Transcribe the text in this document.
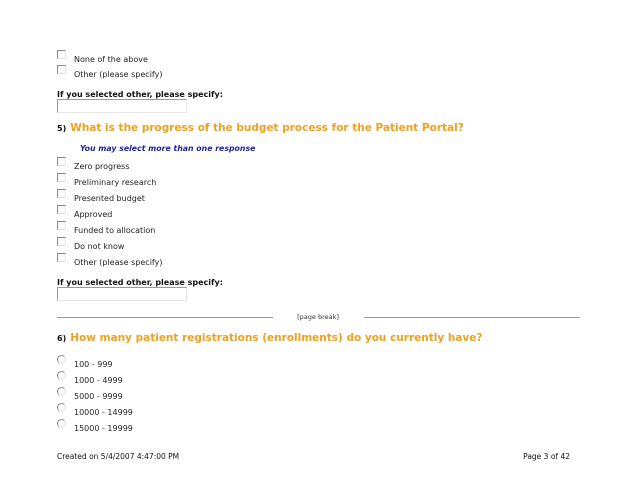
None of the above
Other (please specify)
If you selected other, please specify:
5) What is the progress of the budget process for the Patient Portal?
You may select more than one response
Zero progress
Preliminary research
Presented budget
Approved
Funded to allocation
Do not know
Other (please specify)
If you selected other, please specify:
[page break]
6) How many patient registrations (enrollments) do you currently have?
100 - 999
1000 - 4999
5000 - 9999
10000 - 14999
15000 - 19999
Created on 5/4/2007 4:47:00 PM	Page 3 of 42
